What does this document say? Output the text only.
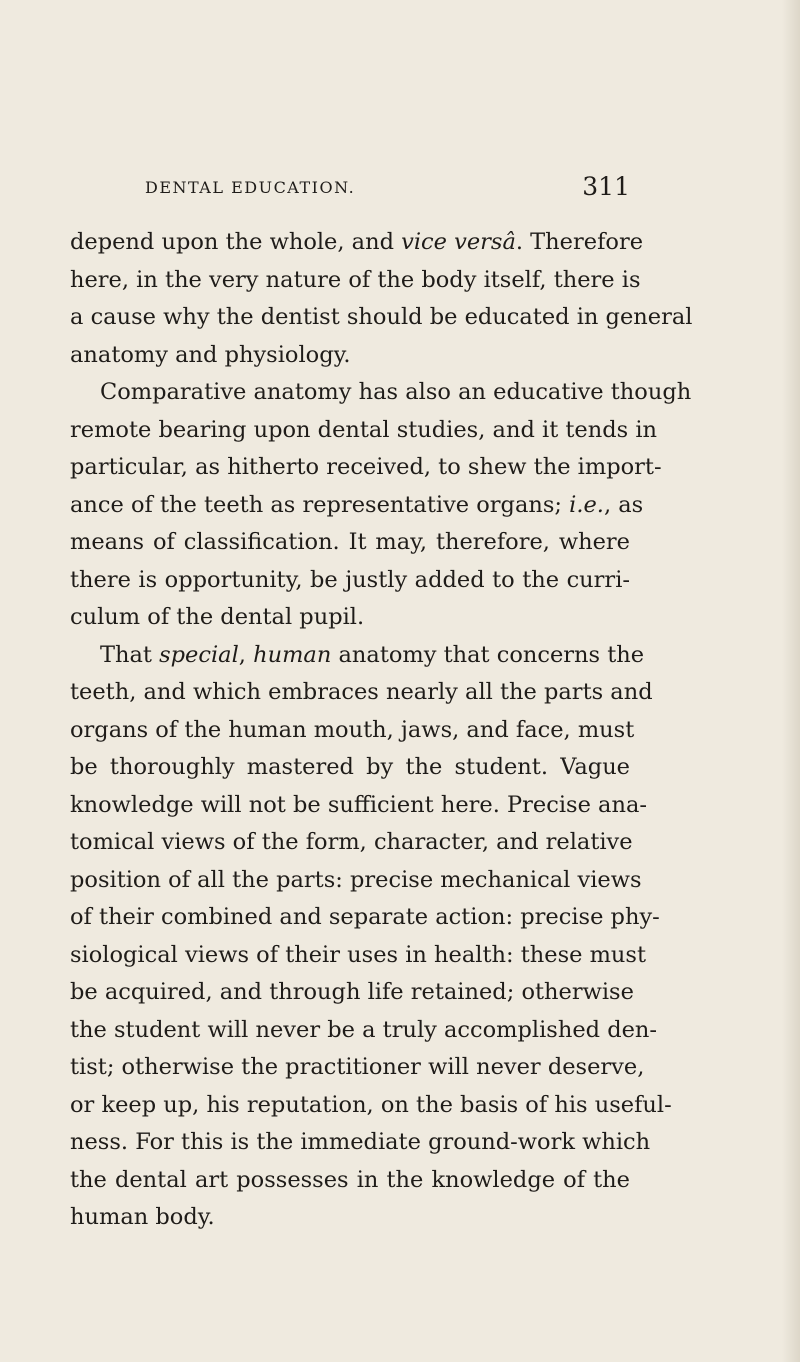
DENTAL EDUCATION.	311
depend upon the whole, and vice versâ. Therefore
here, in the very nature of the body itself, there is
a cause why the dentist should be educated in general
anatomy and physiology.
Comparative anatomy has also an educative though
remote bearing upon dental studies, and it tends in
particular, as hitherto received, to shew the import-
ance of the teeth as representative organs; i.e., as
means of classification. It may, therefore, where
there is opportunity, be justly added to the curri-
culum of the dental pupil.
That special, human anatomy that concerns the
teeth, and which embraces nearly all the parts and
organs of the human mouth, jaws, and face, must
be thoroughly mastered by the student. Vague
knowledge will not be sufficient here. Precise ana-
tomical views of the form, character, and relative
position of all the parts: precise mechanical views
of their combined and separate action: precise phy-
siological views of their uses in health: these must
be acquired, and through life retained; otherwise
the student will never be a truly accomplished den-
tist; otherwise the practitioner will never deserve,
or keep up, his reputation, on the basis of his useful-
ness. For this is the immediate ground-work which
the dental art possesses in the knowledge of the
human body.
